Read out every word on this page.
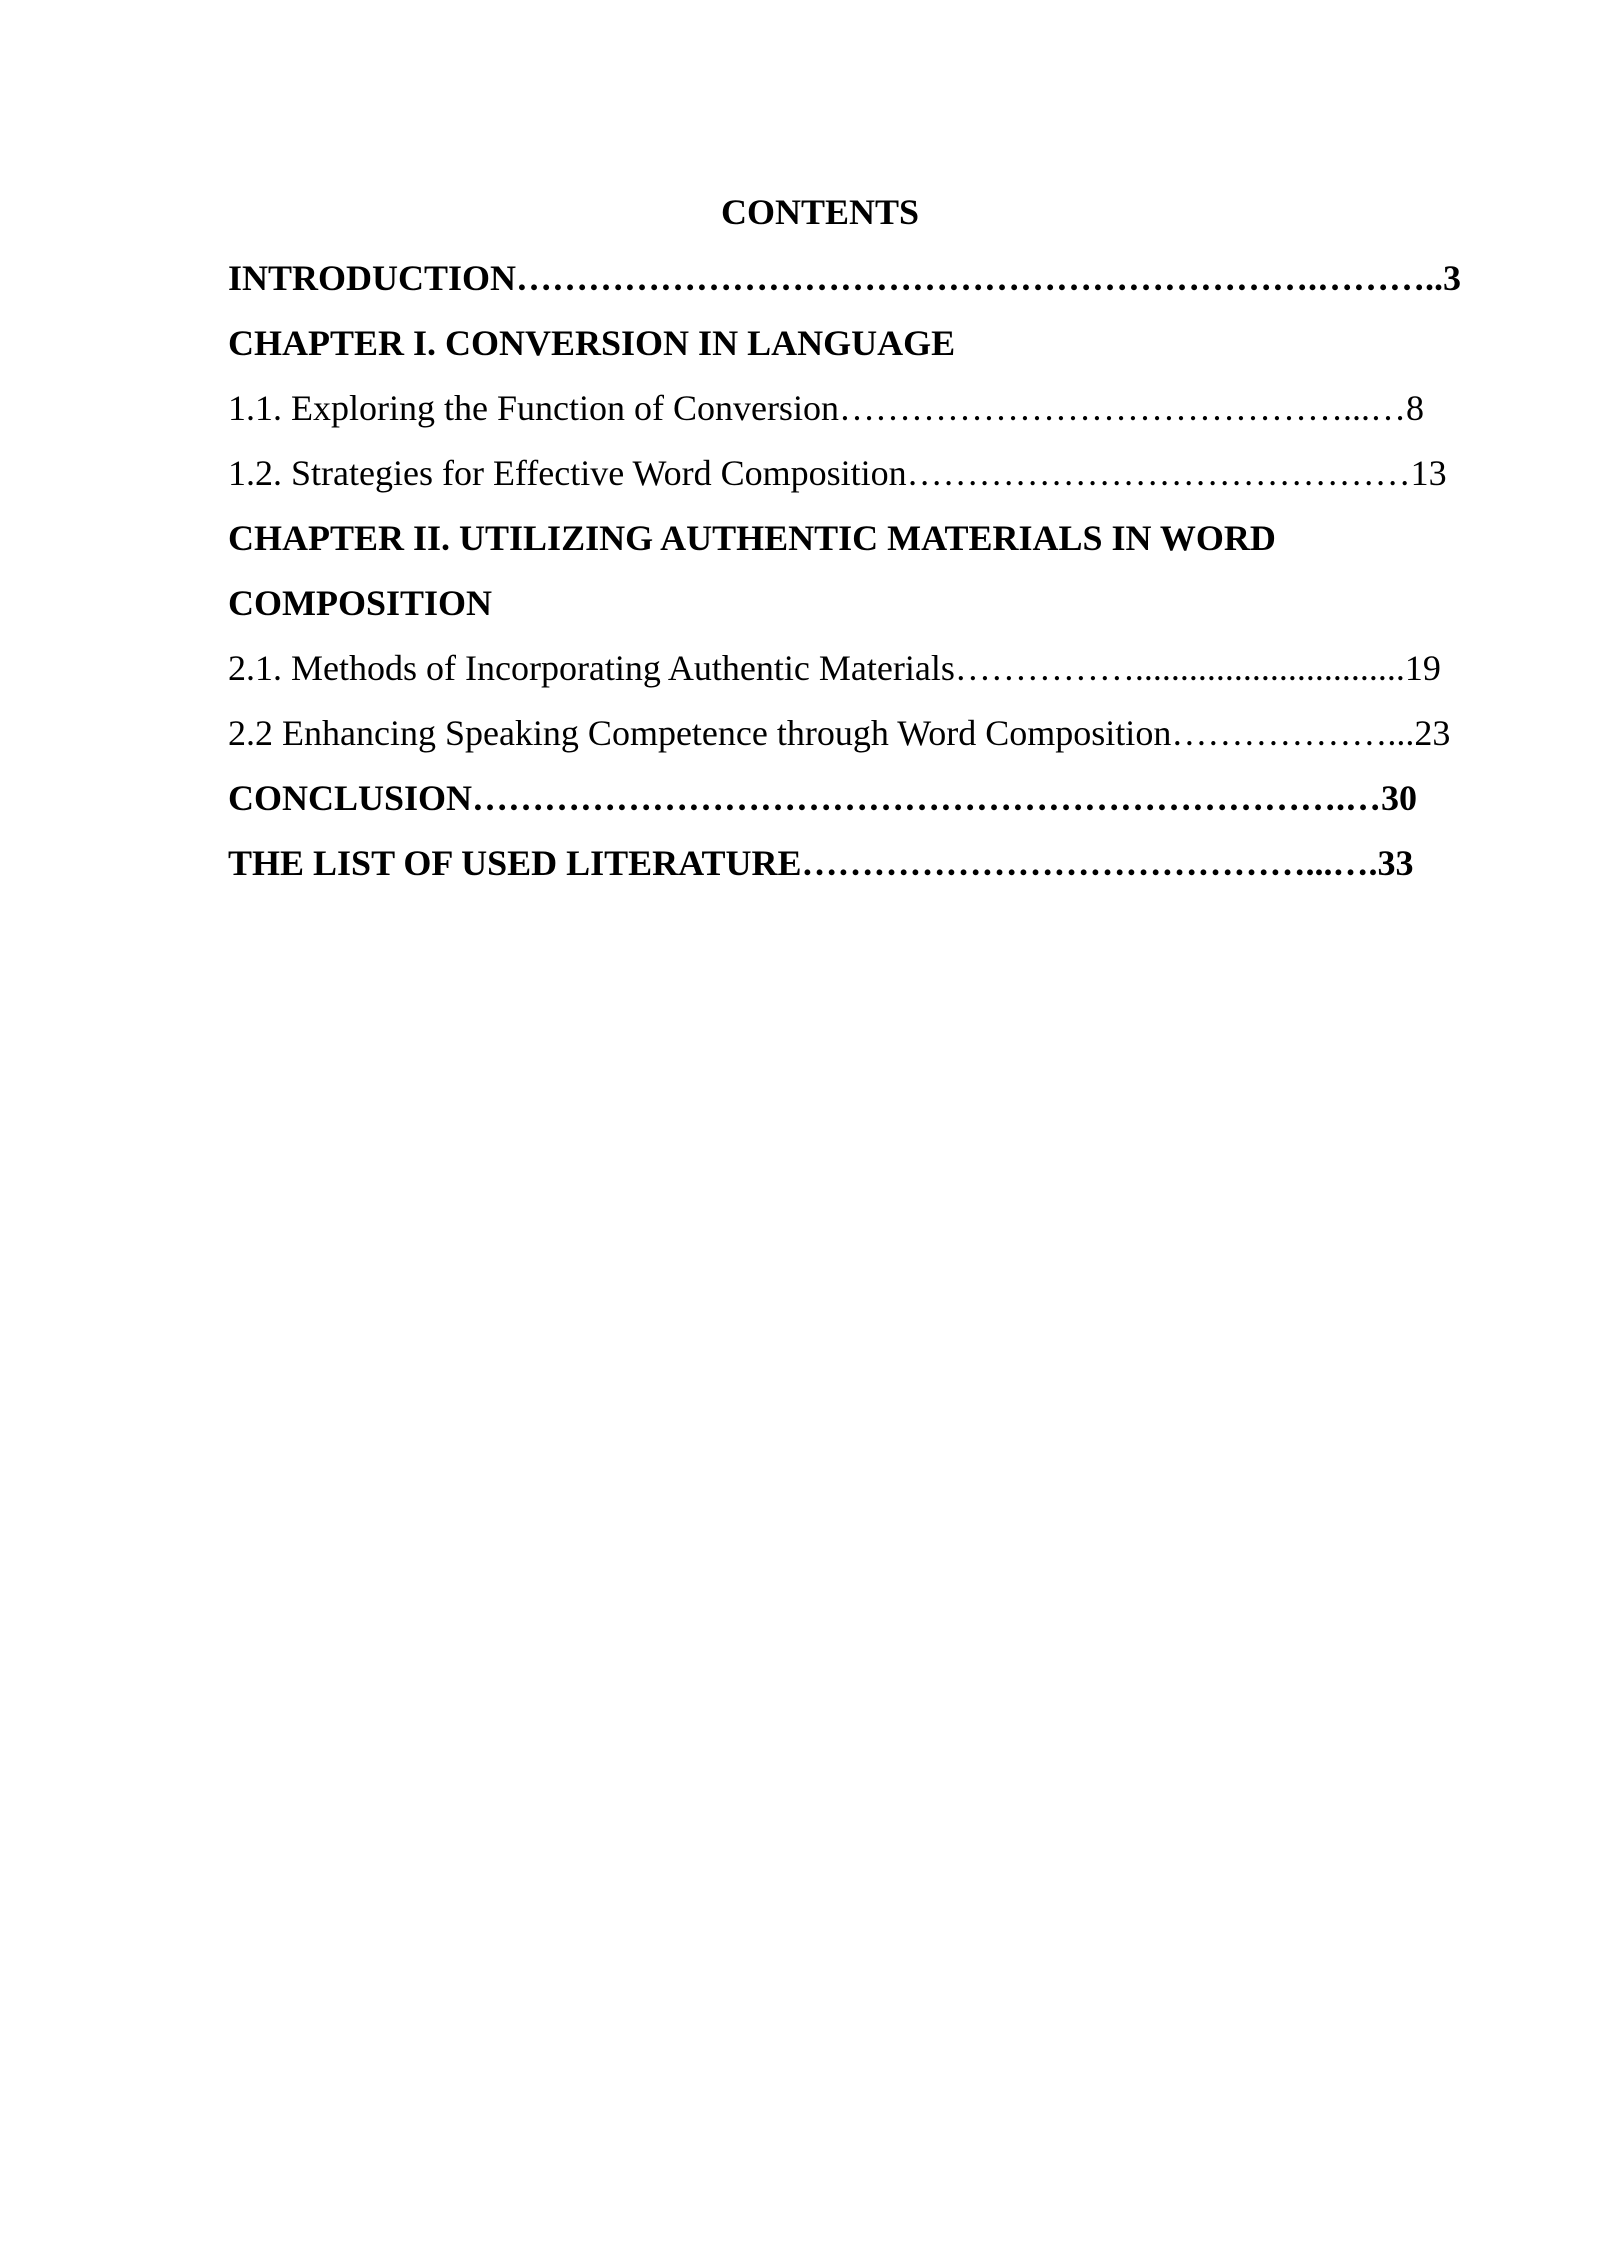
CONTENTS
INTRODUCTION………………………………………………………….………..3
CHAPTER I. CONVERSION IN LANGUAGE
1.1. Exploring the Function of Conversion……………………………………...…8
1.2. Strategies for Effective Word Composition……………………………………13
CHAPTER II. UTILIZING AUTHENTIC MATERIALS IN WORD
COMPOSITION
2.1. Methods of Incorporating Authentic Materials……………..............................19
2.2 Enhancing Speaking Competence through Word Composition………………...23
CONCLUSION……………………………………………………………….…30
THE LIST OF USED LITERATURE……………………………………...….33
